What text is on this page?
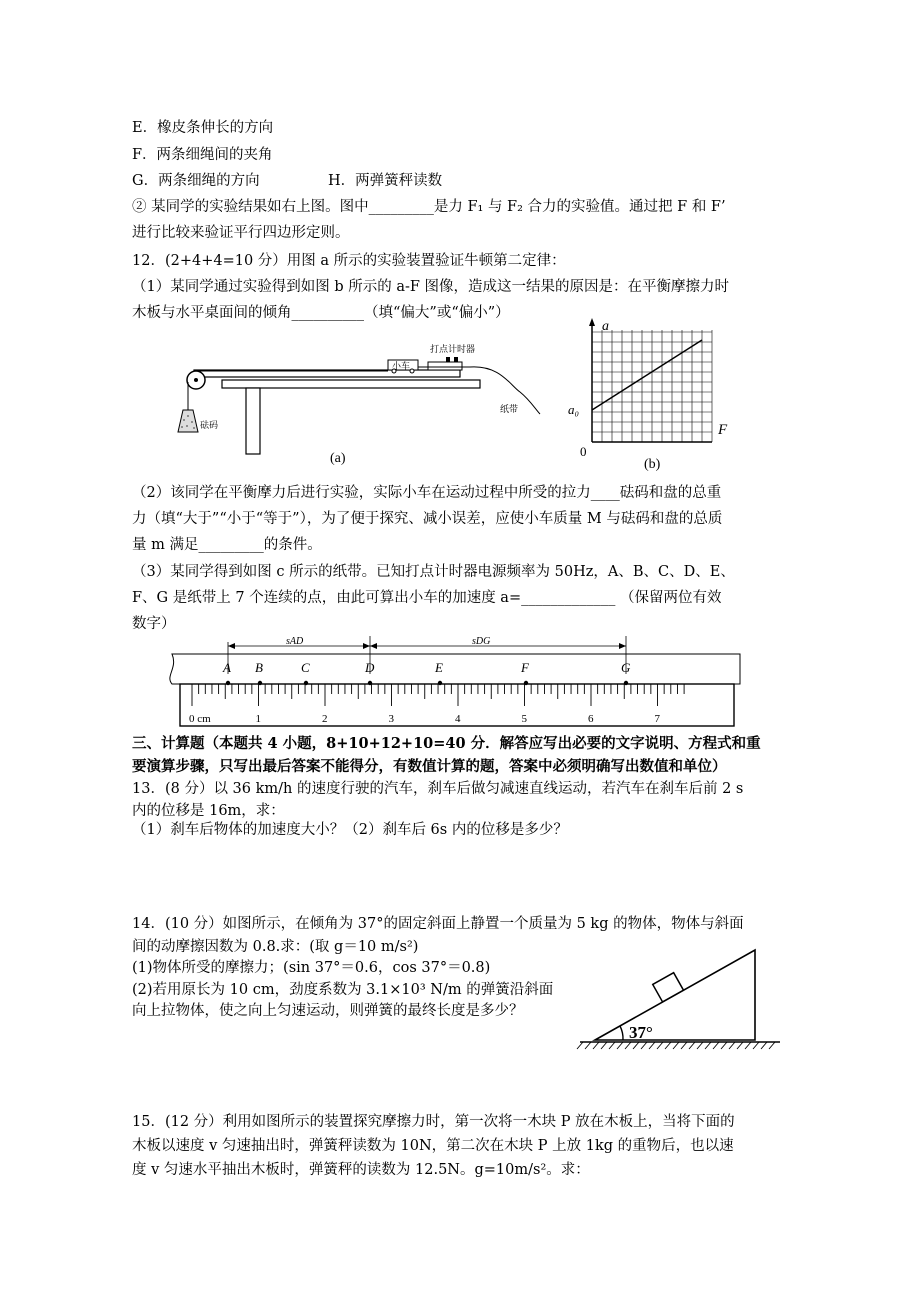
E．橡皮条伸长的方向
F．两条细绳间的夹角
G．两条细绳的方向	H．两弹簧秤读数
② 某同学的实验结果如右上图。图中_________是力 F₁ 与 F₂ 合力的实验值。通过把 F 和 F’
进行比较来验证平行四边形定则。
12．(2+4+4=10 分）用图 a 所示的实验装置验证牛顿第二定律：
（1）某同学通过实验得到如图 b 所示的 a-F 图像，造成这一结果的原因是：在平衡摩擦力时
木板与水平桌面间的倾角__________（填“偏大”或“偏小”）
小车
打点计时器
纸带
砝码
(a)
a
F
a₀
0
(b)
（2）该同学在平衡摩力后进行实验，实际小车在运动过程中所受的拉力____砝码和盘的总重
力（填“大于”“小于“等于”），为了便于探究、减小误差，应使小车质量 M 与砝码和盘的总质
量 m 满足_________的条件。
（3）某同学得到如图 c 所示的纸带。已知打点计时器电源频率为 50Hz，A、B、C、D、E、
F、G 是纸带上 7 个连续的点，由此可算出小车的加速度 a=_____________ （保留两位有效
数字）
0 cm	1	2	3	4	5	6	7
sAD	sDG
A B	C	D	E	F	G
三、计算题（本题共 4 小题，8+10+12+10=40 分．解答应写出必要的文字说明、方程式和重
要演算步骤，只写出最后答案不能得分，有数值计算的题，答案中必须明确写出数值和单位）
13．(8 分）以 36 km/h 的速度行驶的汽车，刹车后做匀减速直线运动，若汽车在刹车后前 2 s
内的位移是 16m，求：
（1）刹车后物体的加速度大小？（2）刹车后 6s 内的位移是多少？
14．(10 分）如图所示，在倾角为 37°的固定斜面上静置一个质量为 5 kg 的物体，物体与斜面
间的动摩擦因数为 0.8.求：(取 g＝10 m/s²)
(1)物体所受的摩擦力；(sin 37°＝0.6，cos 37°＝0.8)
(2)若用原长为 10 cm，劲度系数为 3.1×10³ N/m 的弹簧沿斜面
向上拉物体，使之向上匀速运动，则弹簧的最终长度是多少？
37°
15．(12 分）利用如图所示的装置探究摩擦力时，第一次将一木块 P 放在木板上，当将下面的
木板以速度 v 匀速抽出时，弹簧秤读数为 10N，第二次在木块 P 上放 1kg 的重物后，也以速
度 v 匀速水平抽出木板时，弹簧秤的读数为 12.5N。g=10m/s²。求：
